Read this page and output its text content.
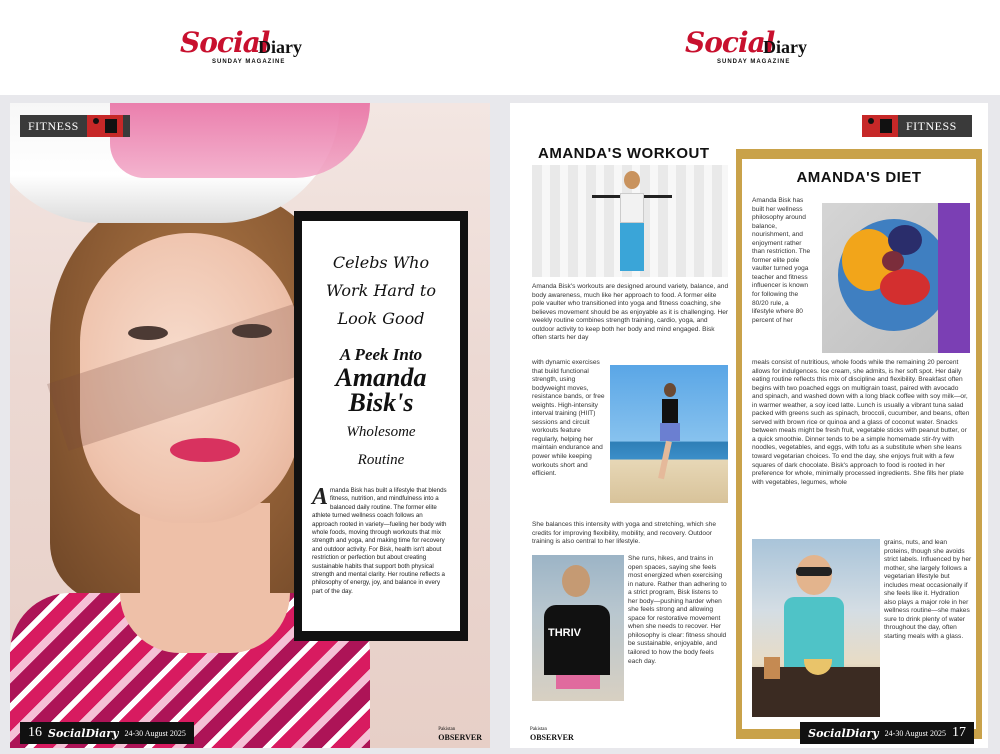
Social
Diary
SUNDAY MAGAZINE
Social
Diary
SUNDAY MAGAZINE
FITNESS
Celebs Who
Work Hard to
Look Good
A Peek Into
Amanda
Bisk's
Wholesome
Routine

Amanda Bisk has built a lifestyle that blends fitness, nutrition, and mindfulness into a balanced daily routine. The former elite athlete turned wellness coach follows an approach rooted in variety—fueling her body with whole foods, moving through workouts that mix strength and yoga, and making time for recovery and outdoor activity. For Bisk, health isn't about restriction or perfection but about creating sustainable habits that support both physical strength and mental clarity. Her routine reflects a philosophy of energy, joy, and balance in every part of the day.

16 SocialDiary 24-30 August 2025	Pakistan
OBSERVER
FITNESS
AMANDA'S WORKOUT

Amanda Bisk's workouts are designed around variety, balance, and body awareness, much like her approach to food. A former elite pole vaulter who transitioned into yoga and fitness coaching, she believes movement should be as enjoyable as it is challenging. Her weekly routine combines strength training, cardio, yoga, and outdoor activity to keep both her body and mind engaged. Bisk often starts her day

with dynamic exercises that build functional strength, using bodyweight moves, resistance bands, or free weights. High-intensity interval training (HIIT) sessions and circuit workouts feature regularly, helping her maintain endurance and power while keeping workouts short and efficient.

She balances this intensity with yoga and stretching, which she credits for improving flexibility, mobility, and recovery. Outdoor training is also central to her lifestyle.

THRIV

She runs, hikes, and trains in open spaces, saying she feels most energized when exercising in nature. Rather than adhering to a strict program, Bisk listens to her body—pushing harder when she feels strong and allowing space for restorative movement when she needs to recover. Her philosophy is clear: fitness should be sustainable, enjoyable, and tailored to how the body feels each day.

AMANDA'S DIET

Amanda Bisk has built her wellness philosophy around balance, nourishment, and enjoyment rather than restriction. The former elite pole vaulter turned yoga teacher and fitness influencer is known for following the 80/20 rule, a lifestyle where 80 percent of her

meals consist of nutritious, whole foods while the remaining 20 percent allows for indulgences. Ice cream, she admits, is her soft spot. Her daily eating routine reflects this mix of discipline and flexibility. Breakfast often begins with two poached eggs on multigrain toast, paired with avocado and spinach, and washed down with a long black coffee with soy milk—or, in warmer weather, a soy iced latte. Lunch is usually a vibrant tuna salad packed with greens such as spinach, broccoli, cucumber, and beans, often served with brown rice or quinoa and a glass of coconut water. Snacks between meals might be fresh fruit, vegetable sticks with peanut butter, or a quick smoothie. Dinner tends to be a simple homemade stir-fry with noodles, vegetables, and eggs, with tofu as a substitute when she leans toward vegetarian choices. To end the day, she enjoys fruit with a few squares of dark chocolate. Bisk's approach to food is rooted in her preference for whole, minimally processed ingredients. She fills her plate with vegetables, legumes, whole

grains, nuts, and lean proteins, though she avoids strict labels. Influenced by her mother, she largely follows a vegetarian lifestyle but includes meat occasionally if she feels like it. Hydration also plays a major role in her wellness routine—she makes sure to drink plenty of water throughout the day, often starting meals with a glass.

Pakistan
OBSERVER	SocialDiary 24-30 August 2025 17
